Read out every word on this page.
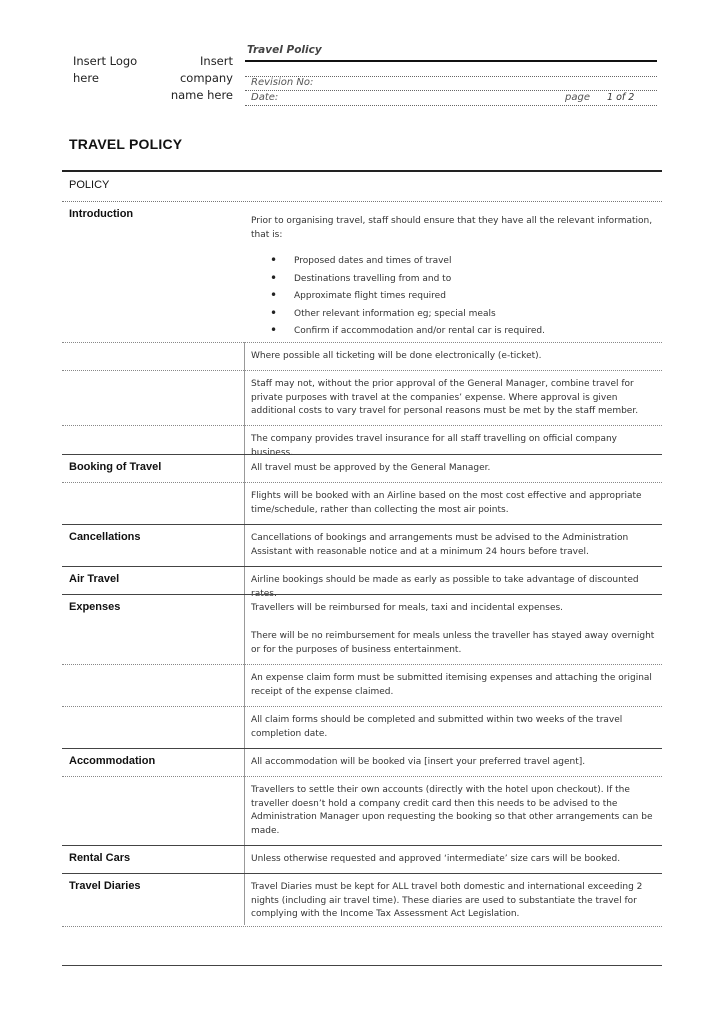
Insert Logo
here
Insert company
name here
Travel Policy
Revision No:
Date:	page 1 of 2
TRAVEL POLICY
POLICY
Introduction
Prior to organising travel, staff should ensure that they have all the relevant information, that is:
• Proposed dates and times of travel
• Destinations travelling from and to
• Approximate flight times required
• Other relevant information eg; special meals
• Confirm if accommodation and/or rental car is required.
Where possible all ticketing will be done electronically (e-ticket).
Staff may not, without the prior approval of the General Manager, combine travel for private purposes with travel at the companies’ expense. Where approval is given additional costs to vary travel for personal reasons must be met by the staff member.
The company provides travel insurance for all staff travelling on official company business.
Booking of Travel	All travel must be approved by the General Manager.
Flights will be booked with an Airline based on the most cost effective and appropriate time/schedule, rather than collecting the most air points.
Cancellations	Cancellations of bookings and arrangements must be advised to the Administration Assistant with reasonable notice and at a minimum 24 hours before travel.
Air Travel	Airline bookings should be made as early as possible to take advantage of discounted rates.
Expenses	Travellers will be reimbursed for meals, taxi and incidental expenses.
There will be no reimbursement for meals unless the traveller has stayed away overnight or for the purposes of business entertainment.
An expense claim form must be submitted itemising expenses and attaching the original receipt of the expense claimed.
All claim forms should be completed and submitted within two weeks of the travel completion date.
Accommodation	All accommodation will be booked via [insert your preferred travel agent].
Travellers to settle their own accounts (directly with the hotel upon checkout). If the traveller doesn’t hold a company credit card then this needs to be advised to the Administration Manager upon requesting the booking so that other arrangements can be made.
Rental Cars	Unless otherwise requested and approved ‘intermediate’ size cars will be booked.
Travel Diaries	Travel Diaries must be kept for ALL travel both domestic and international exceeding 2 nights (including air travel time). These diaries are used to substantiate the travel for complying with the Income Tax Assessment Act Legislation.
